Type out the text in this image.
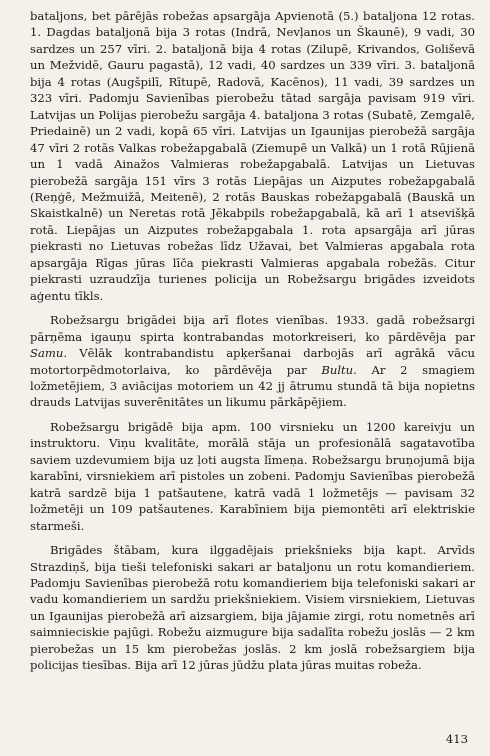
bataljons, bet pārējās robežas apsargāja Apvienotā (5.) bataljona 12 rotas. 1. Dagdas bataljonā bija 3 rotas (Indrā, Nevļanos un Škaunē), 9 vadi, 30 sardzes un 257 vīri. 2. bataljonā bija 4 rotas (Zilupē, Krivandos, Goliševā un Mežvidē, Gauru pagastā), 12 vadi, 40 sardzes un 339 vīri. 3. bataljonā bija 4 rotas (Augšpilī, Rītupē, Radovā, Kacēnos), 11 vadi, 39 sardzes un 323 vīri. Padomju Savienības pierobežu tātad sargāja pavisam 919 vīri. Latvijas un Polijas pierobežu sargāja 4. bataljona 3 rotas (Subatē, Zemgalē, Priedainē) un 2 vadi, kopā 65 vīri. Latvijas un Igaunijas pierobežā sargāja 47 vīri 2 rotās Valkas robežapgabalā (Ziemupē un Valkā) un 1 rotā Rūjienā un 1 vadā Ainažos Valmieras robežapgabalā. Latvijas un Lietuvas pierobežā sargāja 151 vīrs 3 rotās Liepājas un Aizputes robežapgabalā (Reņģē, Mežmuižā, Meitenē), 2 rotās Bauskas robežapgabalā (Bauskā un Skaistkalnē) un Neretas rotā Jēkabpils robežapgabalā, kā arī 1 atsevišķā rotā. Liepājas un Aizputes robežapgabala 1. rota apsargāja arī jūras piekrasti no Lietuvas robežas līdz Užavai, bet Valmieras apgabala rota apsargāja Rīgas jūras līča piekrasti Valmieras apgabala robežās. Citur piekrasti uzraudzīja turienes policija un Robežsargu brigādes izveidots aģentu tīkls.

Robežsargu brigādei bija arī flotes vienības. 1933. gadā robežsargi pārņēma igauņu spirta kontrabandas motorkreiseri, ko pārdēvēja par Samu. Vēlāk kontrabandistu apķeršanai darbojās arī agrākā vācu motortorpēdmotorlaiva, ko pārdēvēja par Bultu. Ar 2 smagiem ložmetējiem, 3 aviācijas motoriem un 42 jj ātrumu stundā tā bija nopietns drauds Latvijas suverēnitātes un likumu pārkāpējiem.

Robežsargu brigādē bija apm. 100 virsnieku un 1200 kareivju un instruktoru. Viņu kvalitāte, morālā stāja un profesionālā sagatavotība saviem uzdevumiem bija uz ļoti augsta līmeņa. Robežsargu bruņojumā bija karabīni, virsniekiem arī pistoles un zobeni. Padomju Savienības pierobežā katrā sardzē bija 1 patšautene, katrā vadā 1 ložmetējs — pavisam 32 ložmetēji un 109 patšautenes. Karabīniem bija piemontēti arī elektriskie starmeši.

Brigādes štābam, kura ilggadējais priekšnieks bija kapt. Arvīds Strazdiņš, bija tieši telefoniski sakari ar bataljonu un rotu komandieriem. Padomju Savienības pierobežā rotu komandieriem bija telefoniski sakari ar vadu komandieriem un sardžu priekšniekiem. Visiem virsniekiem, Lietuvas un Igaunijas pierobežā arī aizsargiem, bija jājamie zirgi, rotu nometnēs arī saimnieciskie pajūgi. Robežu aizmugure bija sadalīta robežu joslās — 2 km pierobežas un 15 km pierobežas joslās. 2 km joslā robežsargiem bija policijas tiesības. Bija arī 12 jūras jūdžu plata jūras muitas robeža.

413
